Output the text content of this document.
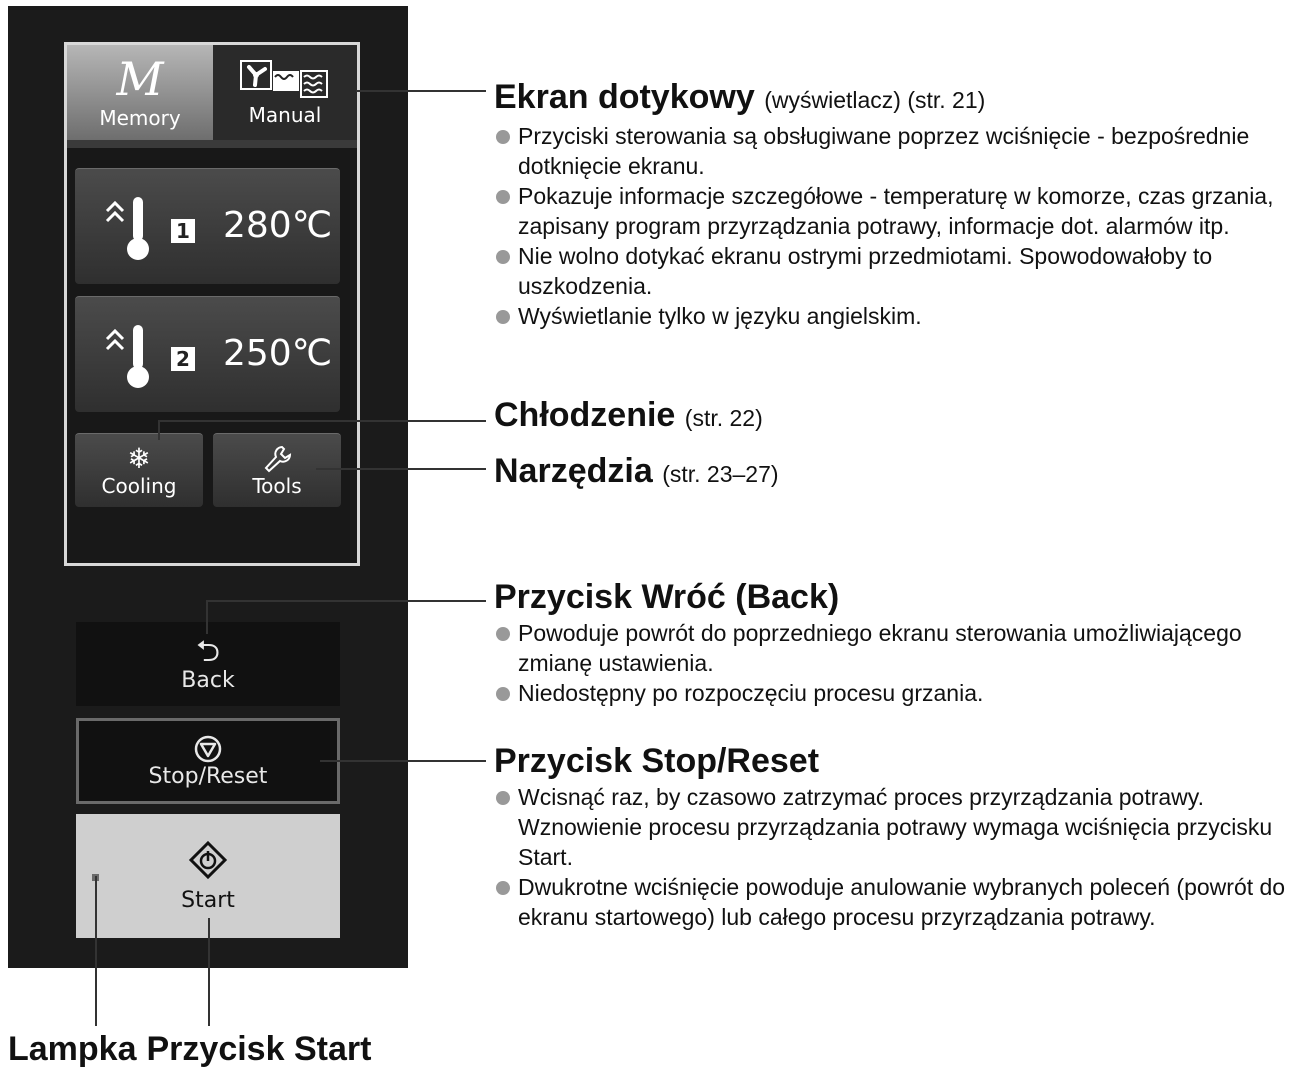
M
Memory	Manual
1 280℃
2 250℃
❄
Cooling	Tools
⮌
Back
Stop/Reset
Start
Ekran dotykowy (wyświetlacz) (str. 21)
Przyciski sterowania są obsługiwane poprzez wciśnięcie - bezpośrednie dotknięcie ekranu.
Pokazuje informacje szczegółowe - temperaturę w komorze, czas grzania, zapisany program przyrządzania potrawy, informacje dot. alarmów itp.
Nie wolno dotykać ekranu ostrymi przedmiotami. Spowodowałoby to uszkodzenia.
Wyświetlanie tylko w języku angielskim.
Chłodzenie (str. 22)
Narzędzia (str. 23–27)
Przycisk Wróć (Back)
Powoduje powrót do poprzedniego ekranu sterowania umożliwiającego zmianę ustawienia.
Niedostępny po rozpoczęciu procesu grzania.
Przycisk Stop/Reset
Wcisnąć raz, by czasowo zatrzymać proces przyrządzania potrawy. Wznowienie procesu przyrządzania potrawy wymaga wciśnięcia przycisku Start.
Dwukrotne wciśnięcie powoduje anulowanie wybranych poleceń (powrót do ekranu startowego) lub całego procesu przyrządzania potrawy.
Lampka Przycisk Start
